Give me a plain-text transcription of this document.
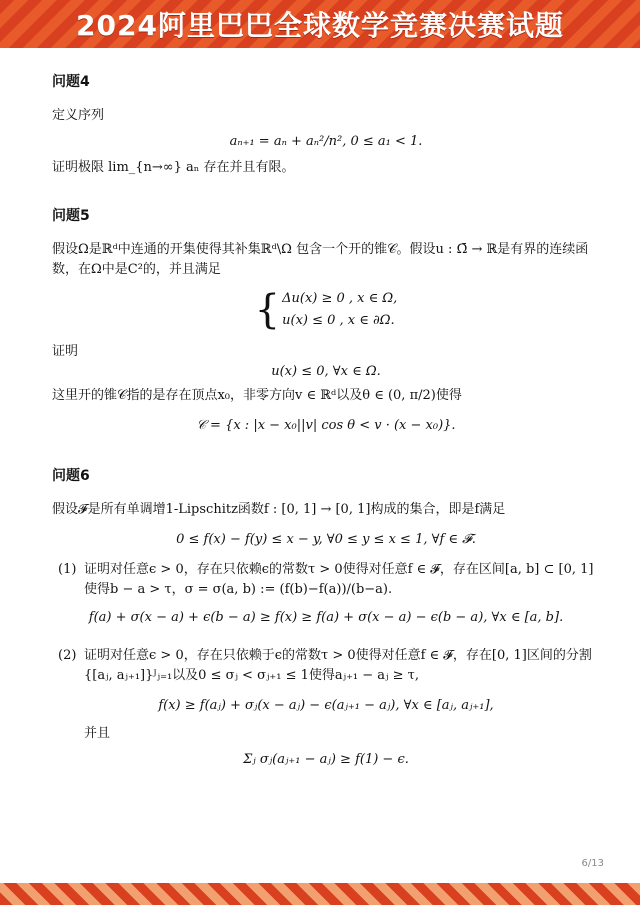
2024阿里巴巴全球数学竞赛决赛试题

问题4

定义序列

aₙ₊₁ = aₙ + aₙ²/n², 0 ≤ a₁ < 1.

证明极限 lim_{n→∞} aₙ 存在并且有限。

问题5

假设Ω是ℝᵈ中连通的开集使得其补集ℝᵈ\Ω 包含一个开的锥𝒞。假设u : Ω̄ → ℝ是有界的连续函数，在Ω中是C²的，并且满足

{ Δu(x) ≥ 0 , x ∈ Ω,
u(x) ≤ 0 , x ∈ ∂Ω.

证明

u(x) ≤ 0, ∀x ∈ Ω.

这里开的锥𝒞指的是存在顶点x₀，非零方向v ∈ ℝᵈ以及θ ∈ (0, π/2)使得

𝒞 = {x : |x − x₀||v| cos θ < v · (x − x₀)}.

问题6

假设𝓕是所有单调增1-Lipschitz函数f : [0, 1] → [0, 1]构成的集合，即是f满足

0 ≤ f(x) − f(y) ≤ x − y, ∀0 ≤ y ≤ x ≤ 1, ∀f ∈ 𝓕.

(1) 证明对任意ϵ > 0，存在只依赖ϵ的常数τ > 0使得对任意f ∈ 𝓕，存在区间[a, b] ⊂ [0, 1]使得b − a > τ，σ = σ(a, b) := (f(b)−f(a))/(b−a).

f(a) + σ(x − a) + ϵ(b − a) ≥ f(x) ≥ f(a) + σ(x − a) − ϵ(b − a), ∀x ∈ [a, b].

(2) 证明对任意ϵ > 0，存在只依赖于ϵ的常数τ > 0使得对任意f ∈ 𝓕，存在[0, 1]区间的分割{[aⱼ, aⱼ₊₁]}ᴶⱼ₌₁以及0 ≤ σⱼ < σⱼ₊₁ ≤ 1使得aⱼ₊₁ − aⱼ ≥ τ,

f(x) ≥ f(aⱼ) + σⱼ(x − aⱼ) − ϵ(aⱼ₊₁ − aⱼ), ∀x ∈ [aⱼ, aⱼ₊₁],

并且

Σⱼ σⱼ(aⱼ₊₁ − aⱼ) ≥ f(1) − ϵ.

6/13
